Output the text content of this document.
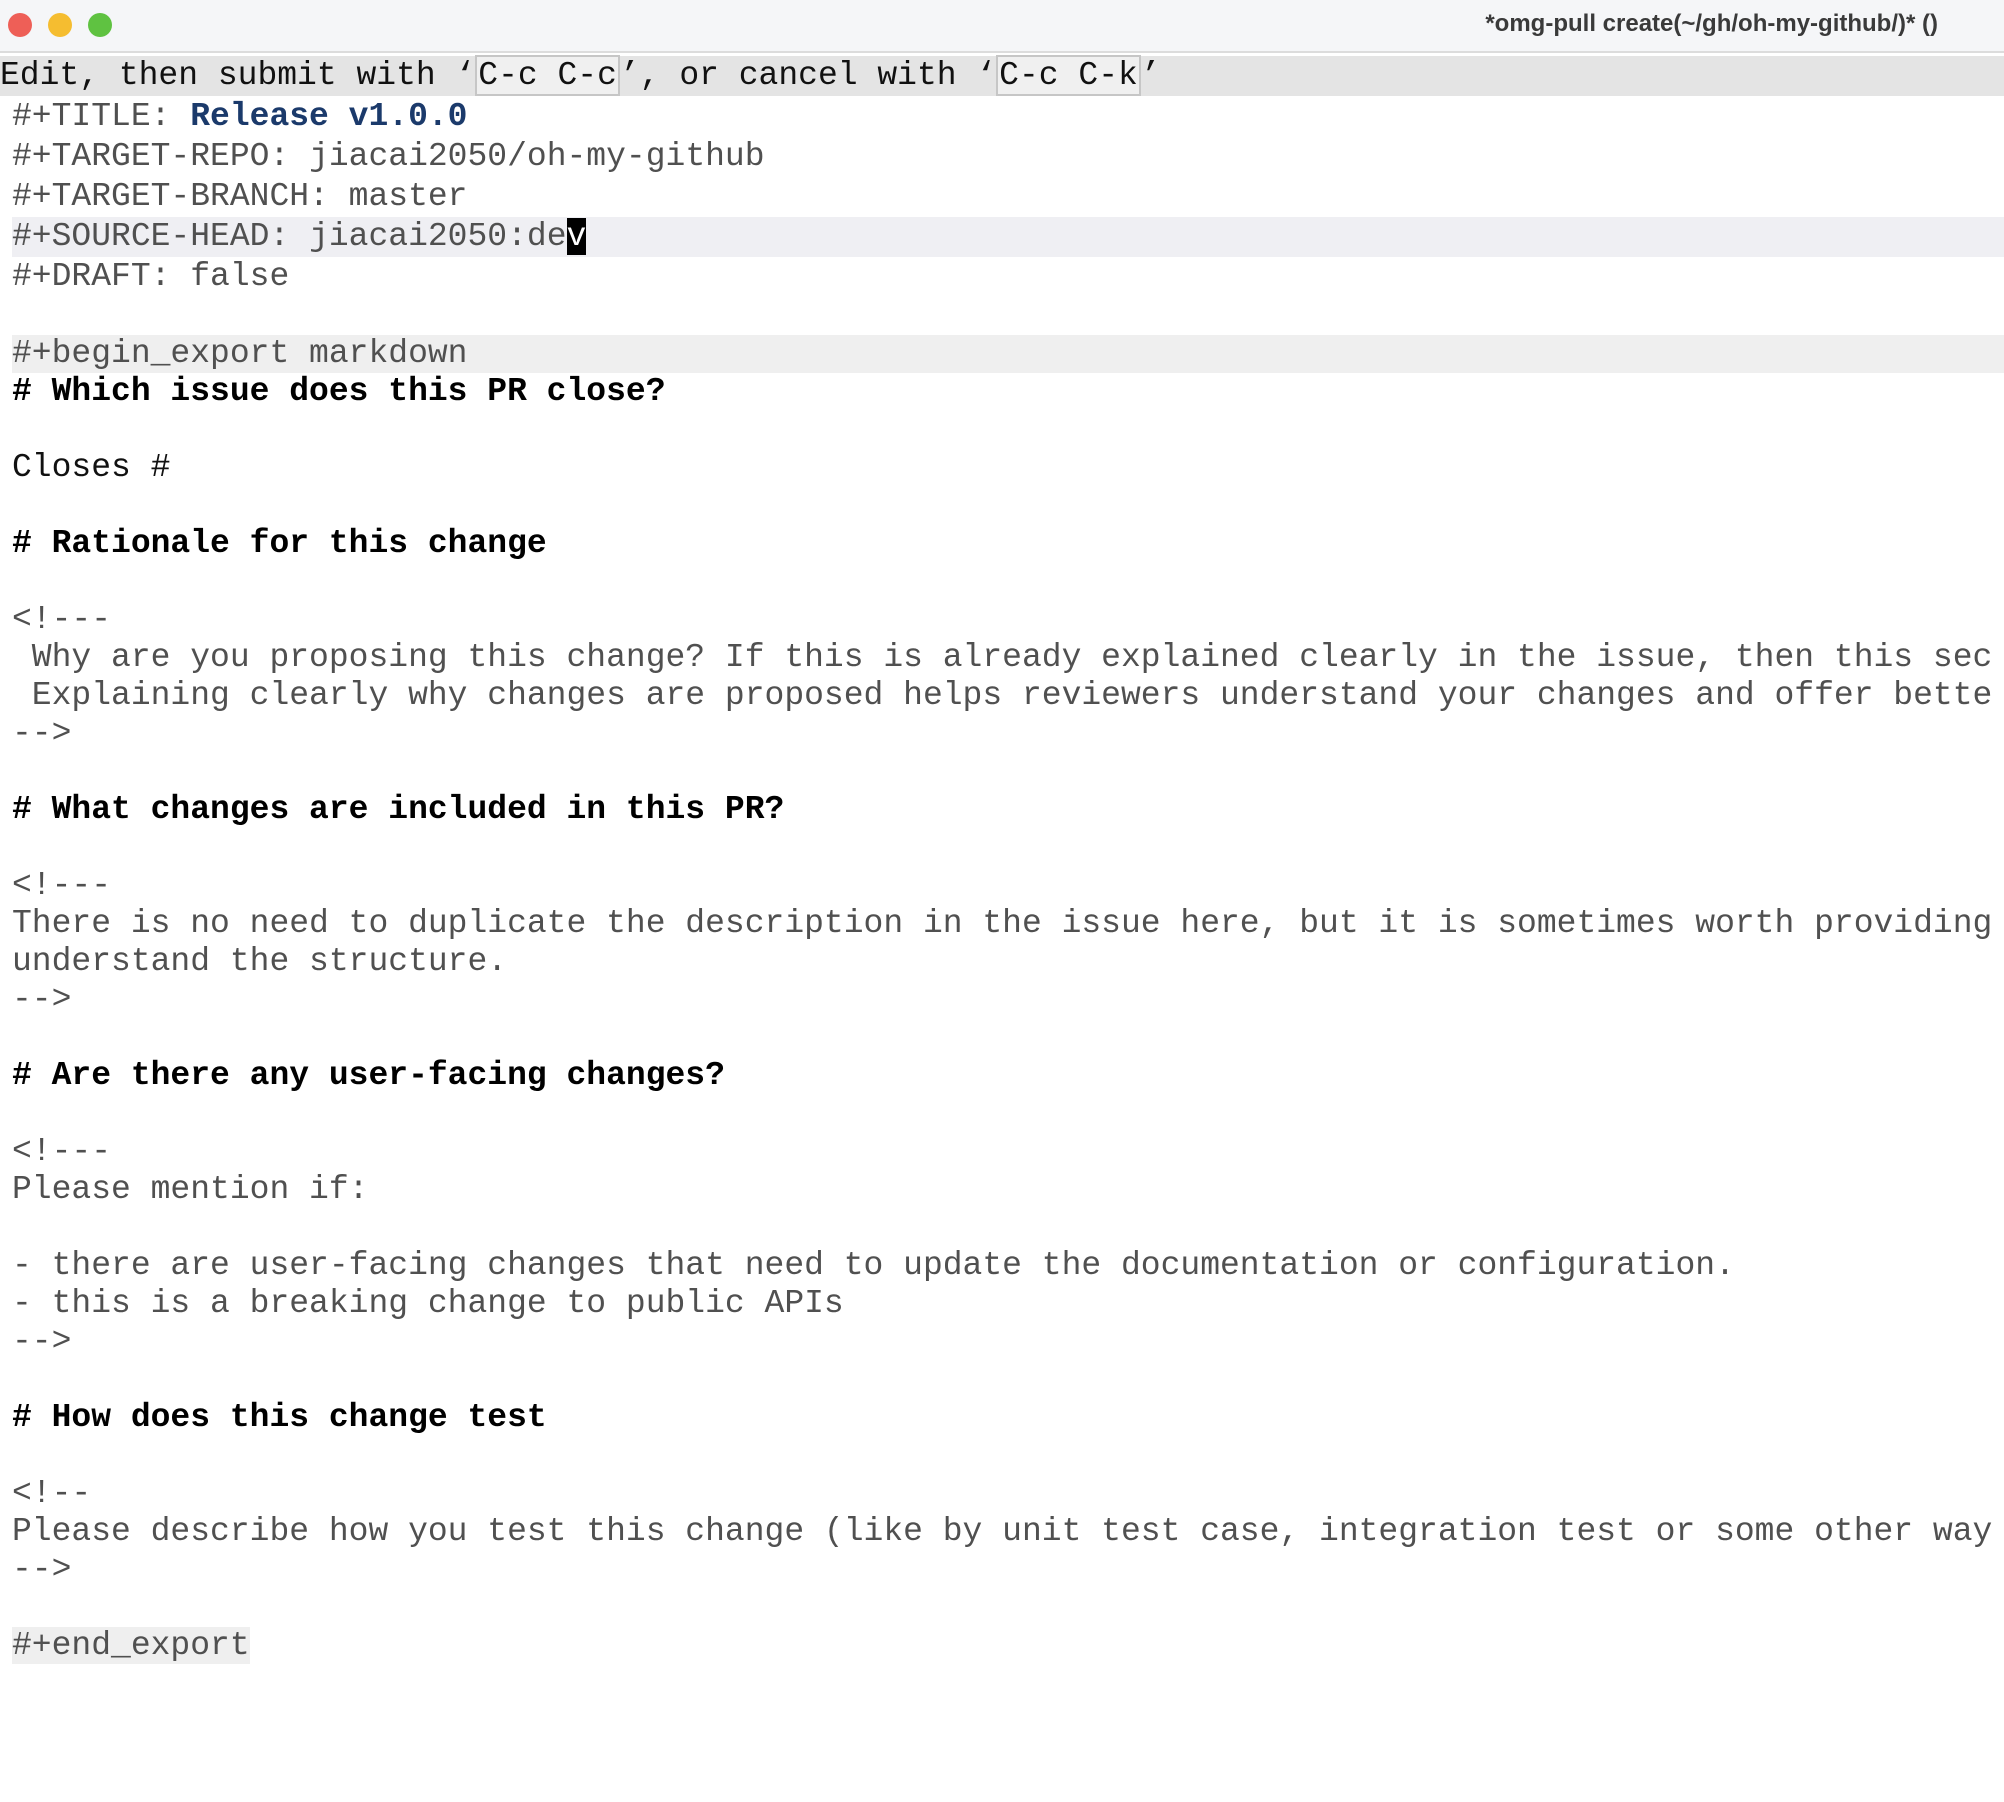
*omg-pull create(~/gh/oh-my-github/)* ()
Edit, then submit with ‘C-c C-c’, or cancel with ‘C-c C-k’
#+TITLE: Release v1.0.0
#+TARGET-REPO: jiacai2050/oh-my-github
#+TARGET-BRANCH: master
#+SOURCE-HEAD: jiacai2050:dev
#+DRAFT: false
#+begin_export markdown
# Which issue does this PR close?
Closes #
# Rationale for this change
<!---
Why are you proposing this change? If this is already explained clearly in the issue, then this sec
Explaining clearly why changes are proposed helps reviewers understand your changes and offer bette
-->
# What changes are included in this PR?
<!---
There is no need to duplicate the description in the issue here, but it is sometimes worth providing
understand the structure.
-->
# Are there any user-facing changes?
<!---
Please mention if:
- there are user-facing changes that need to update the documentation or configuration.
- this is a breaking change to public APIs
-->
# How does this change test
<!--
Please describe how you test this change (like by unit test case, integration test or some other way
-->
#+end_export
